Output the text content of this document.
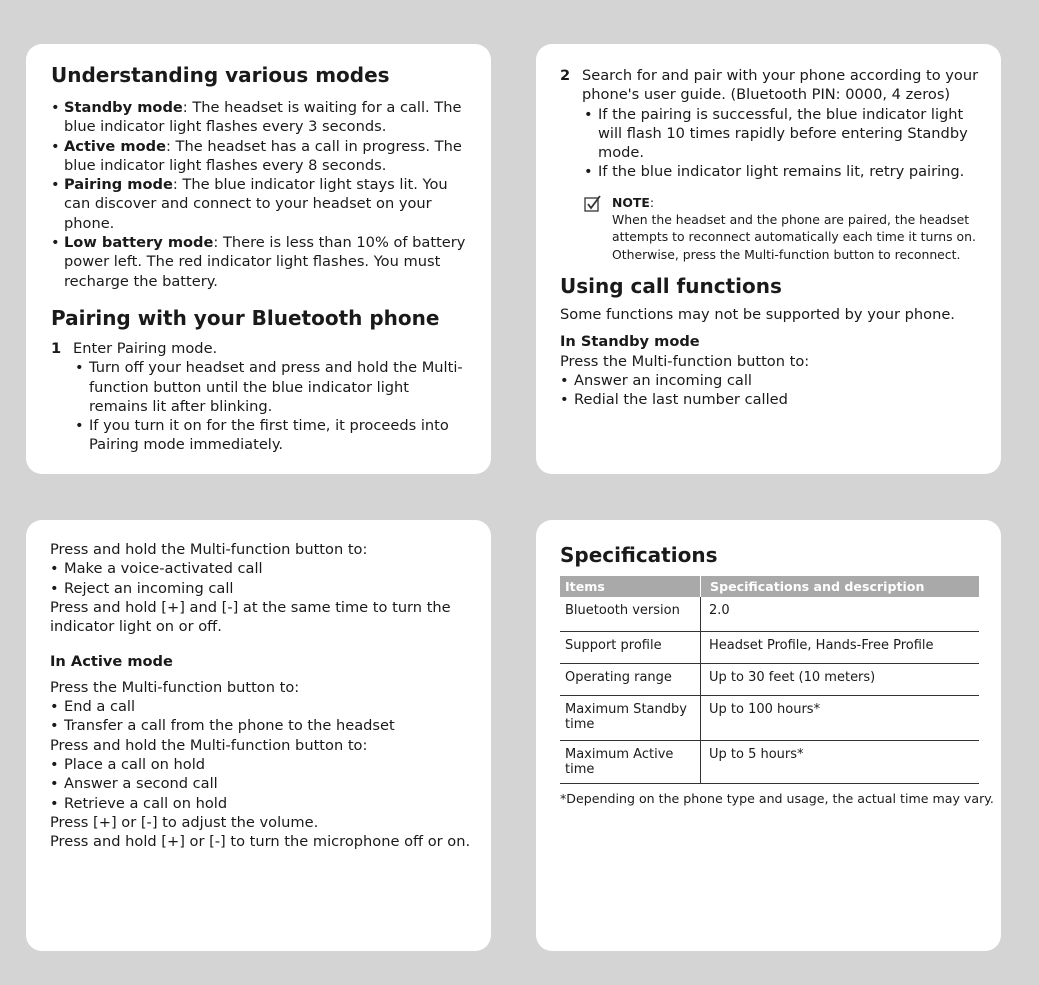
Understanding various modes
• Standby mode: The headset is waiting for a call. The blue indicator light flashes every 3 seconds.
• Active mode: The headset has a call in progress. The blue indicator light flashes every 8 seconds.
• Pairing mode: The blue indicator light stays lit. You can discover and connect to your headset on your phone.
• Low battery mode: There is less than 10% of battery power left. The red indicator light flashes. You must recharge the battery.
Pairing with your Bluetooth phone
1 Enter Pairing mode.
• Turn off your headset and press and hold the Multi-function button until the blue indicator light remains lit after blinking.
• If you turn it on for the first time, it proceeds into Pairing mode immediately.
2 Search for and pair with your phone according to your phone's user guide. (Bluetooth PIN: 0000, 4 zeros)
• If the pairing is successful, the blue indicator light will flash 10 times rapidly before entering Standby mode.
• If the blue indicator light remains lit, retry pairing.
NOTE:
When the headset and the phone are paired, the headset attempts to reconnect automatically each time it turns on. Otherwise, press the Multi-function button to reconnect.
Using call functions

Some functions may not be supported by your phone.

In Standby mode

Press the Multi-function button to:

• Answer an incoming call

• Redial the last number called

Press and hold the Multi-function button to:

• Make a voice-activated call

• Reject an incoming call

Press and hold [+] and [-] at the same time to turn the indicator light on or off.

In Active mode

Press the Multi-function button to:

• End a call

• Transfer a call from the phone to the headset

Press and hold the Multi-function button to:

• Place a call on hold

• Answer a second call

• Retrieve a call on hold

Press [+] or [-] to adjust the volume.

Press and hold [+] or [-] to turn the microphone off or on.

Specifications
Items	Specifications and description
Bluetooth version	2.0
Support profile	Headset Profile, Hands-Free Profile
Operating range	Up to 30 feet (10 meters)
Maximum Standby time	Up to 100 hours*
Maximum Active time	Up to 5 hours*
*Depending on the phone type and usage, the actual time may vary.
